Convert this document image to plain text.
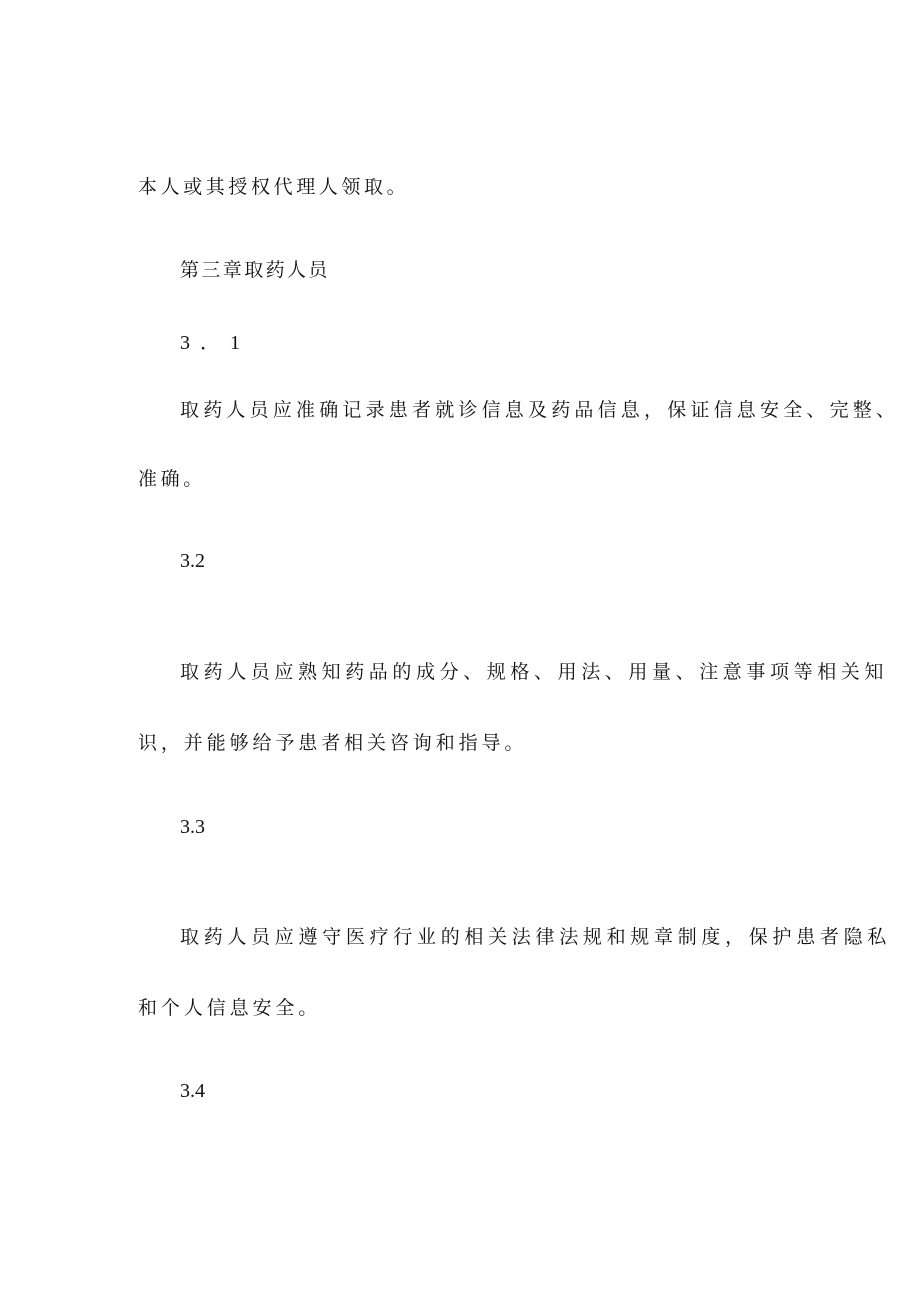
本人或其授权代理人领取。
第三章取药人员
3．1
取药人员应准确记录患者就诊信息及药品信息，保证信息安全、完整、
准确。
3.2
取药人员应熟知药品的成分、规格、用法、用量、注意事项等相关知
识，并能够给予患者相关咨询和指导。
3.3
取药人员应遵守医疗行业的相关法律法规和规章制度，保护患者隐私
和个人信息安全。
3.4
